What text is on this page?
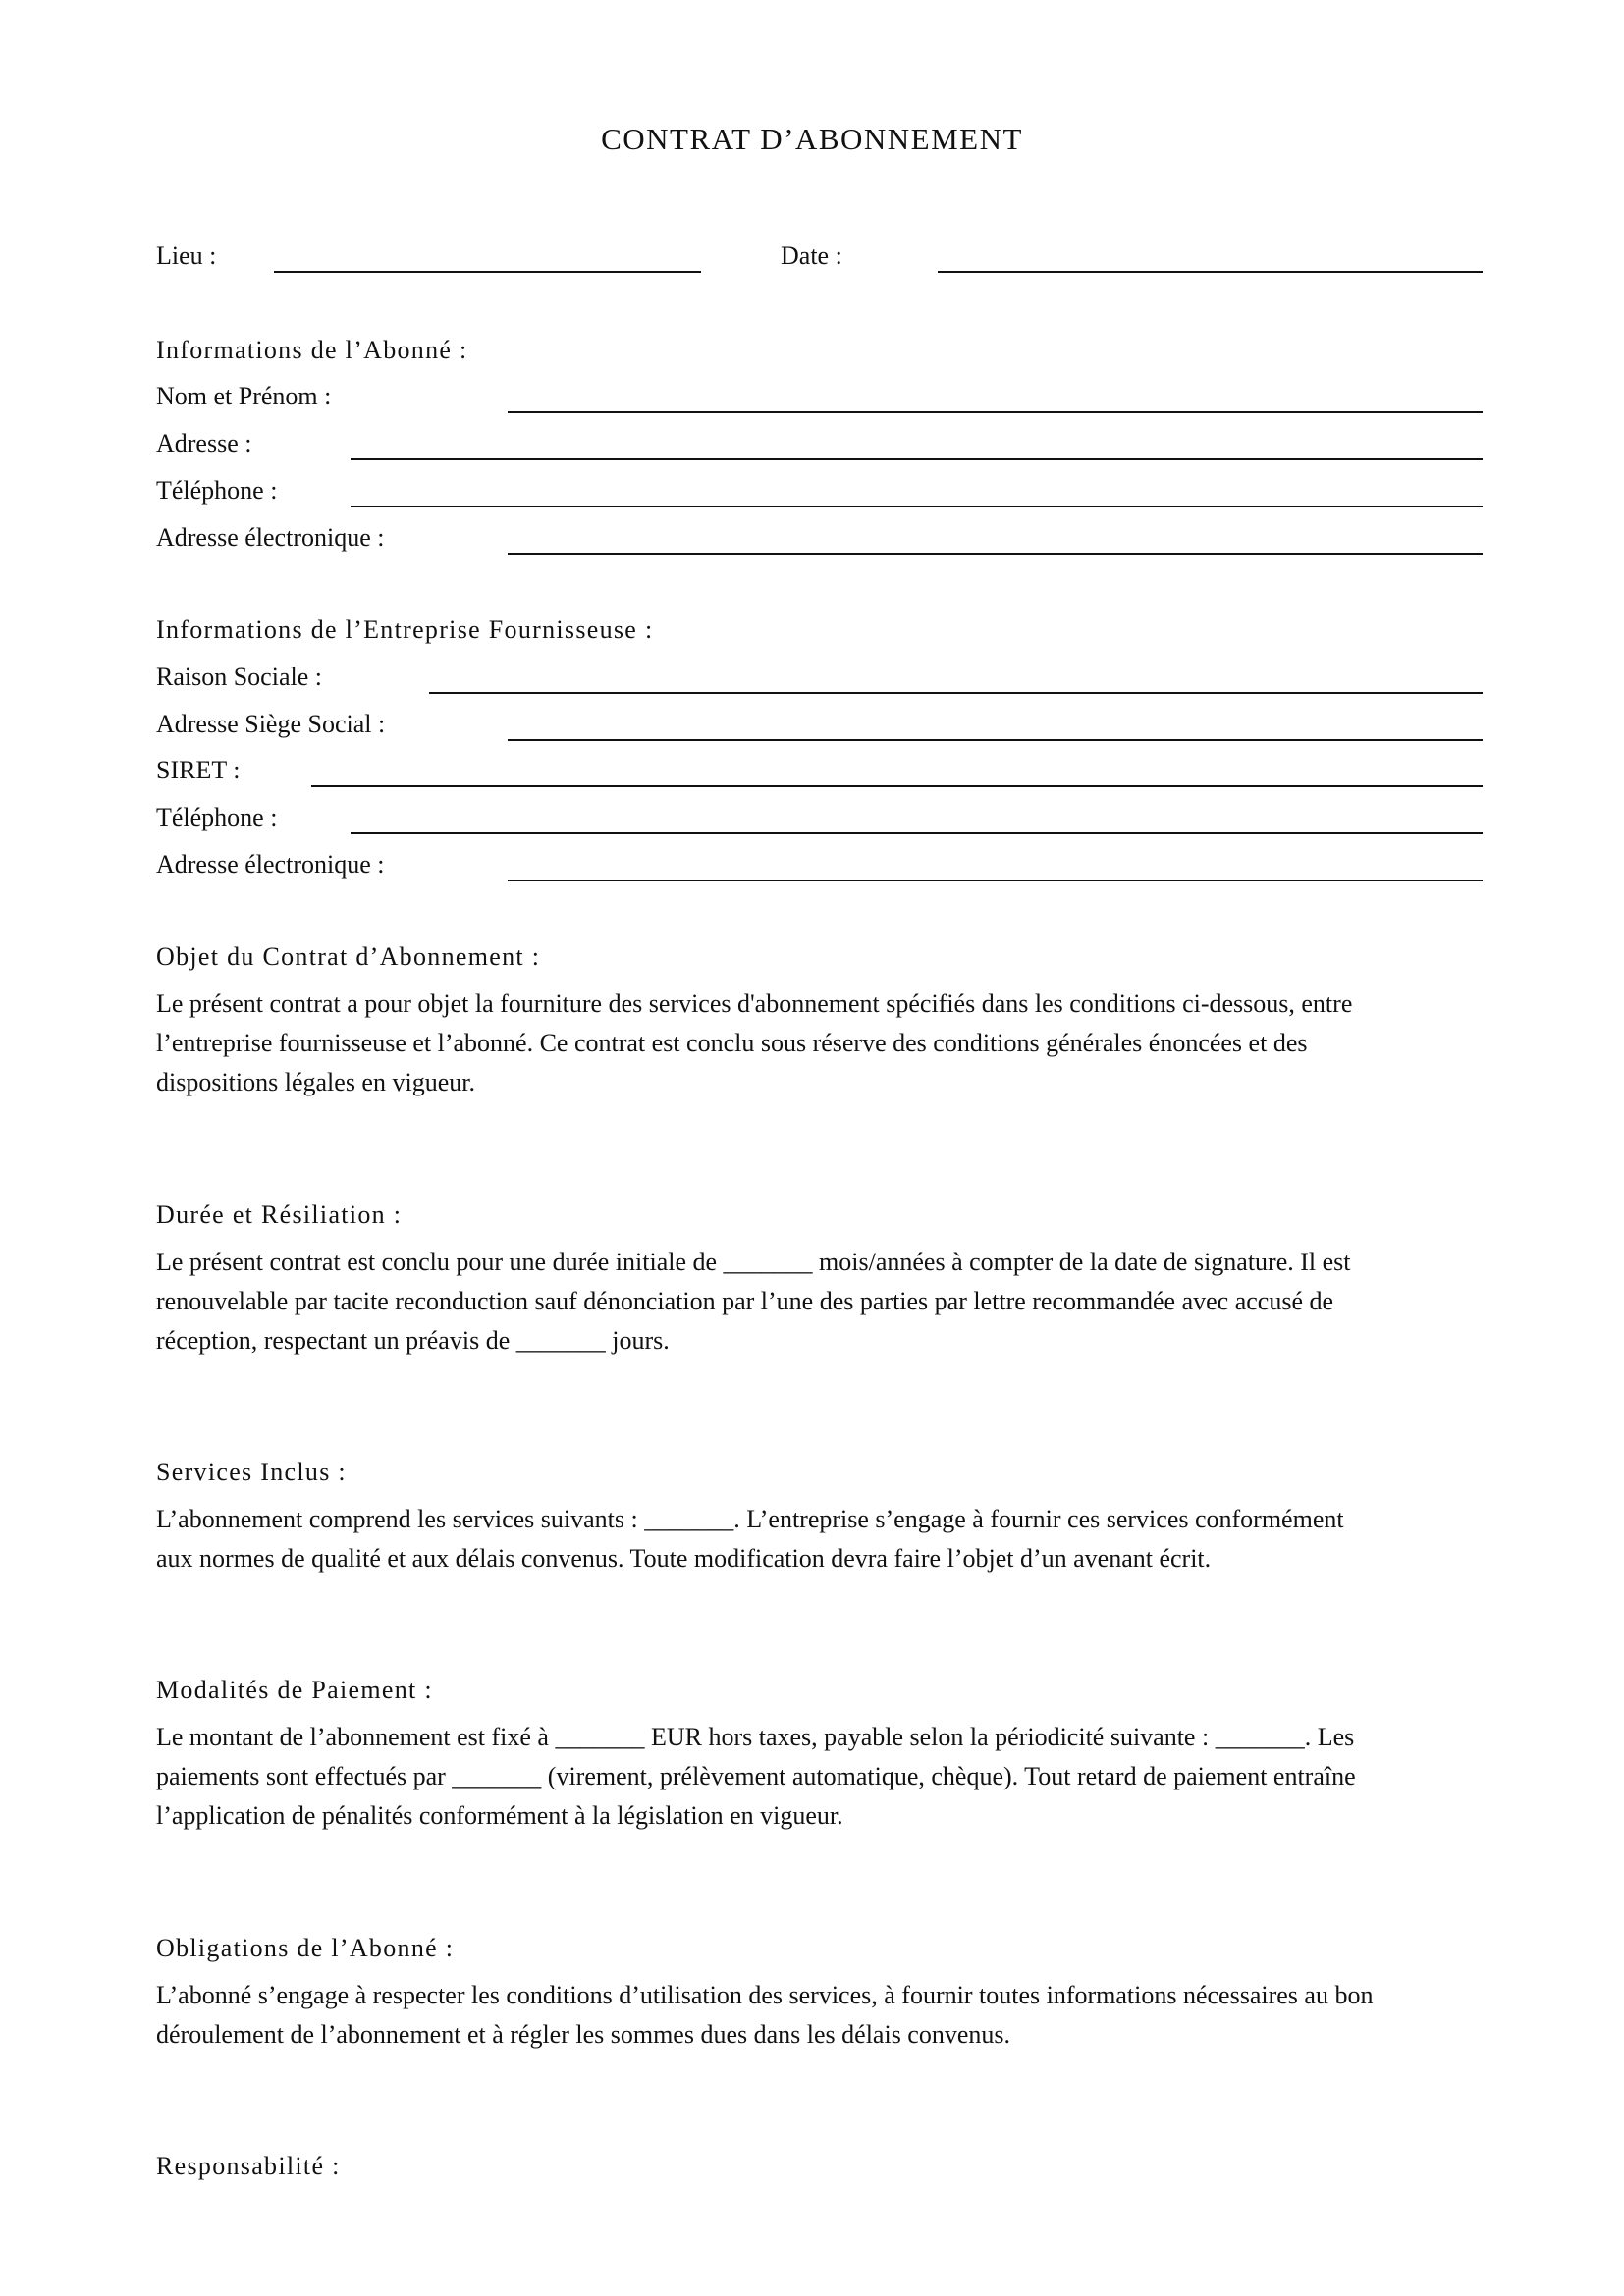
CONTRAT D’ABONNEMENT
Lieu :	Date :
Informations de l’Abonné :
Nom et Prénom :
Adresse :
Téléphone :
Adresse électronique :
Informations de l’Entreprise Fournisseuse :
Raison Sociale :
Adresse Siège Social :
SIRET :
Téléphone :
Adresse électronique :
Objet du Contrat d’Abonnement :
Le présent contrat a pour objet la fourniture des services d'abonnement spécifiés dans les conditions ci-dessous, entre
l’entreprise fournisseuse et l’abonné. Ce contrat est conclu sous réserve des conditions générales énoncées et des
dispositions légales en vigueur.
Durée et Résiliation :
Le présent contrat est conclu pour une durée initiale de _______ mois/années à compter de la date de signature. Il est
renouvelable par tacite reconduction sauf dénonciation par l’une des parties par lettre recommandée avec accusé de
réception, respectant un préavis de _______ jours.
Services Inclus :
L’abonnement comprend les services suivants : _______. L’entreprise s’engage à fournir ces services conformément
aux normes de qualité et aux délais convenus. Toute modification devra faire l’objet d’un avenant écrit.
Modalités de Paiement :
Le montant de l’abonnement est fixé à _______ EUR hors taxes, payable selon la périodicité suivante : _______. Les
paiements sont effectués par _______ (virement, prélèvement automatique, chèque). Tout retard de paiement entraîne
l’application de pénalités conformément à la législation en vigueur.
Obligations de l’Abonné :
L’abonné s’engage à respecter les conditions d’utilisation des services, à fournir toutes informations nécessaires au bon
déroulement de l’abonnement et à régler les sommes dues dans les délais convenus.
Responsabilité :
